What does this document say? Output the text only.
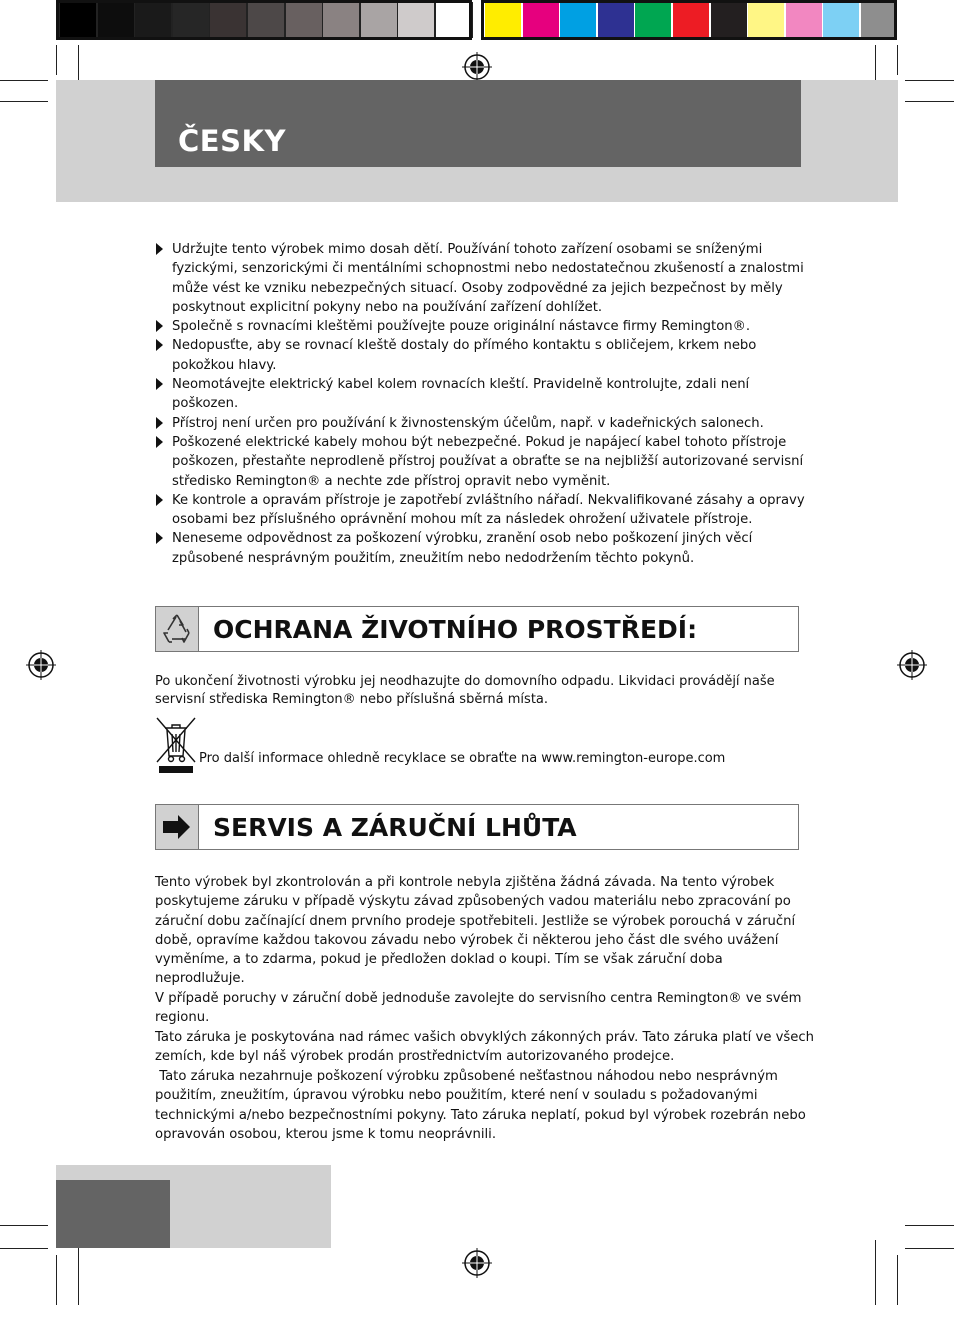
ČESKY
Udržujte tento výrobek mimo dosah dětí. Používání tohoto zařízení osobami se sníženými fyzickými, senzorickými či mentálními schopnostmi nebo nedostatečnou zkušeností a znalostmi může vést ke vzniku nebezpečných situací. Osoby zodpovědné za jejich bezpečnost by měly poskytnout explicitní pokyny nebo na používání zařízení dohlížet.
Společně s rovnacími kleštěmi používejte pouze originální nástavce firmy Remington®.
Nedopusťte, aby se rovnací kleště dostaly do přímého kontaktu s obličejem, krkem nebo pokožkou hlavy.
Neomotávejte elektrický kabel kolem rovnacích kleští. Pravidelně kontrolujte, zdali není poškozen.
Přístroj není určen pro používání k živnostenským účelům, např. v kadeřnických salonech.
Poškozené elektrické kabely mohou být nebezpečné. Pokud je napájecí kabel tohoto přístroje poškozen, přestaňte neprodleně přístroj používat a obraťte se na nejbližší autorizované servisní středisko Remington® a nechte zde přístroj opravit nebo vyměnit.
Ke kontrole a opravám přístroje je zapotřebí zvláštního nářadí. Nekvalifikované zásahy a opravy osobami bez příslušného oprávnění mohou mít za následek ohrožení uživatele přístroje.
Neneseme odpovědnost za poškození výrobku, zranění osob nebo poškození jiných věcí způsobené nesprávným použitím, zneužitím nebo nedodržením těchto pokynů.
OCHRANA ŽIVOTNÍHO PROSTŘEDÍ:
Po ukončení životnosti výrobku jej neodhazujte do domovního odpadu. Likvidaci provádějí naše servisní střediska Remington® nebo příslušná sběrná místa.
Pro další informace ohledně recyklace se obraťte na www.remington-europe.com
SERVIS A ZÁRUČNÍ LHŮTA
Tento výrobek byl zkontrolován a při kontrole nebyla zjištěna žádná závada. Na tento výrobek poskytujeme záruku v případě výskytu závad způsobených vadou materiálu nebo zpracování po záruční dobu začínající dnem prvního prodeje spotřebiteli. Jestliže se výrobek porouchá v záruční době, opravíme každou takovou závadu nebo výrobek či některou jeho část dle svého uvážení vyměníme, a to zdarma, pokud je předložen doklad o koupi. Tím se však záruční doba neprodlužuje.
V případě poruchy v záruční době jednoduše zavolejte do servisního centra Remington® ve svém regionu.
Tato záruka je poskytována nad rámec vašich obvyklých zákonných práv. Tato záruka platí ve všech zemích, kde byl náš výrobek prodán prostřednictvím autorizovaného prodejce.
Tato záruka nezahrnuje poškození výrobku způsobené nešťastnou náhodou nebo nesprávným použitím, zneužitím, úpravou výrobku nebo použitím, které není v souladu s požadovanými technickými a/nebo bezpečnostními pokyny. Tato záruka neplatí, pokud byl výrobek rozebrán nebo opravován osobou, kterou jsme k tomu neoprávnili.
